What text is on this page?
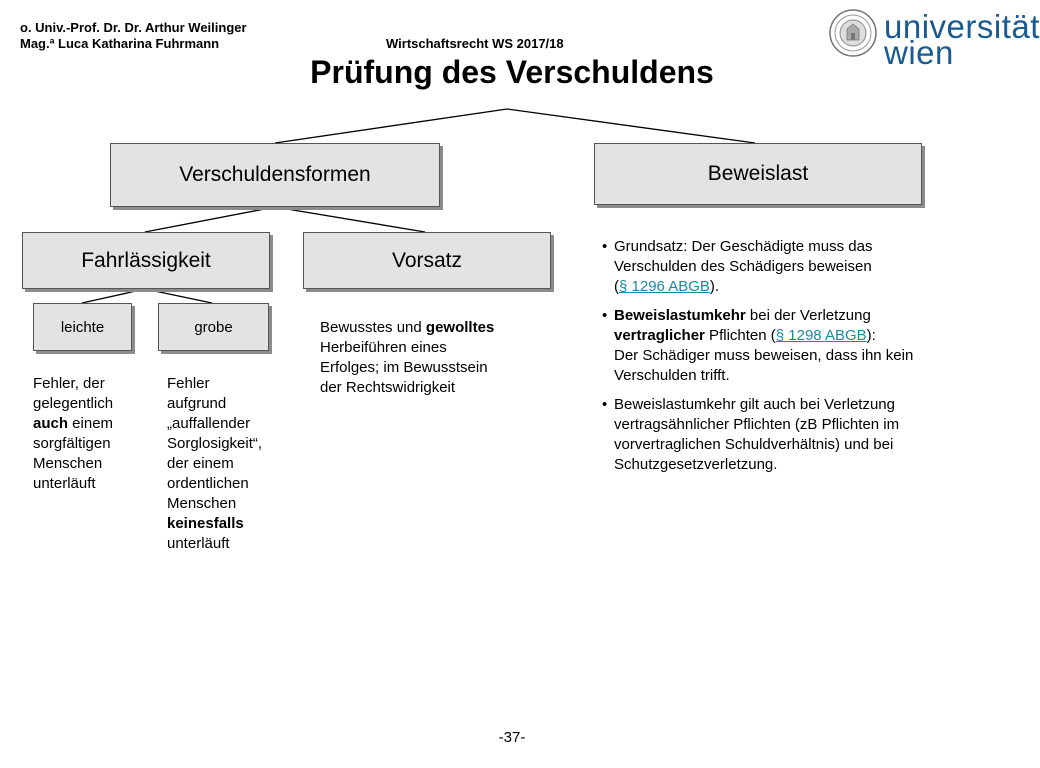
o. Univ.-Prof. Dr. Dr. Arthur Weilinger
Mag.ª Luca Katharina Fuhrmann	Wirtschaftsrecht WS 2017/18	universität
wien
Prüfung des Verschuldens
Verschuldensformen	Beweislast
Fahrlässigkeit	Vorsatz
leichte	grobe
Fehler, der
gelegentlich
auch einem
sorgfältigen
Menschen
unterläuft
Fehler
aufgrund
„auffallender
Sorglosigkeit“,
der einem
ordentlichen
Menschen
keinesfalls
unterläuft
Bewusstes und gewolltes
Herbeiführen eines
Erfolges; im Bewusstsein
der Rechtswidrigkeit
• Grundsatz: Der Geschädigte muss das
Verschulden des Schädigers beweisen
(§ 1296 ABGB).
• Beweislastumkehr bei der Verletzung
vertraglicher Pflichten (§ 1298 ABGB):
Der Schädiger muss beweisen, dass ihn kein
Verschulden trifft.
• Beweislastumkehr gilt auch bei Verletzung
vertragsähnlicher Pflichten (zB Pflichten im
vorvertraglichen Schuldverhältnis) und bei
Schutzgesetzverletzung.
-37-
